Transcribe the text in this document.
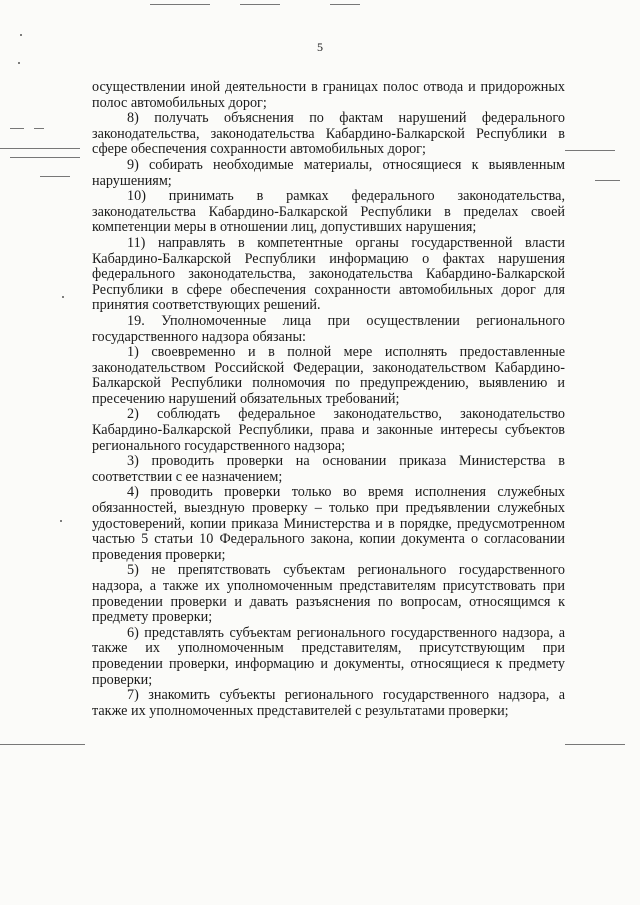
5

осуществлении иной деятельности в границах полос отвода и придорожных полос автомобильных дорог;

8) получать объяснения по фактам нарушений федерального законодательства, законодательства Кабардино-Балкарской Республики в сфере обеспечения сохранности автомобильных дорог;

9) собирать необходимые материалы, относящиеся к выявленным нарушениям;

10) принимать в рамках федерального законодательства, законодательства Кабардино-Балкарской Республики в пределах своей компетенции меры в отношении лиц, допустивших нарушения;

11) направлять в компетентные органы государственной власти Кабардино-Балкарской Республики информацию о фактах нарушения федерального законодательства, законодательства Кабардино-Балкарской Республики в сфере обеспечения сохранности автомобильных дорог для принятия соответствующих решений.

19. Уполномоченные лица при осуществлении регионального государственного надзора обязаны:

1) своевременно и в полной мере исполнять предоставленные законодательством Российской Федерации, законодательством Кабардино-Балкарской Республики полномочия по предупреждению, выявлению и пресечению нарушений обязательных требований;

2) соблюдать федеральное законодательство, законодательство Кабардино-Балкарской Республики, права и законные интересы субъектов регионального государственного надзора;

3) проводить проверки на основании приказа Министерства в соответствии с ее назначением;

4) проводить проверки только во время исполнения служебных обязанностей, выездную проверку – только при предъявлении служебных удостоверений, копии приказа Министерства и в порядке, предусмотренном частью 5 статьи 10 Федерального закона, копии документа о согласовании проведения проверки;

5) не препятствовать субъектам регионального государственного надзора, а также их уполномоченным представителям присутствовать при проведении проверки и давать разъяснения по вопросам, относящимся к предмету проверки;

6) представлять субъектам регионального государственного надзора, а также их уполномоченным представителям, присутствующим при проведении проверки, информацию и документы, относящиеся к предмету проверки;

7) знакомить субъекты регионального государственного надзора, а также их уполномоченных представителей с результатами проверки;
